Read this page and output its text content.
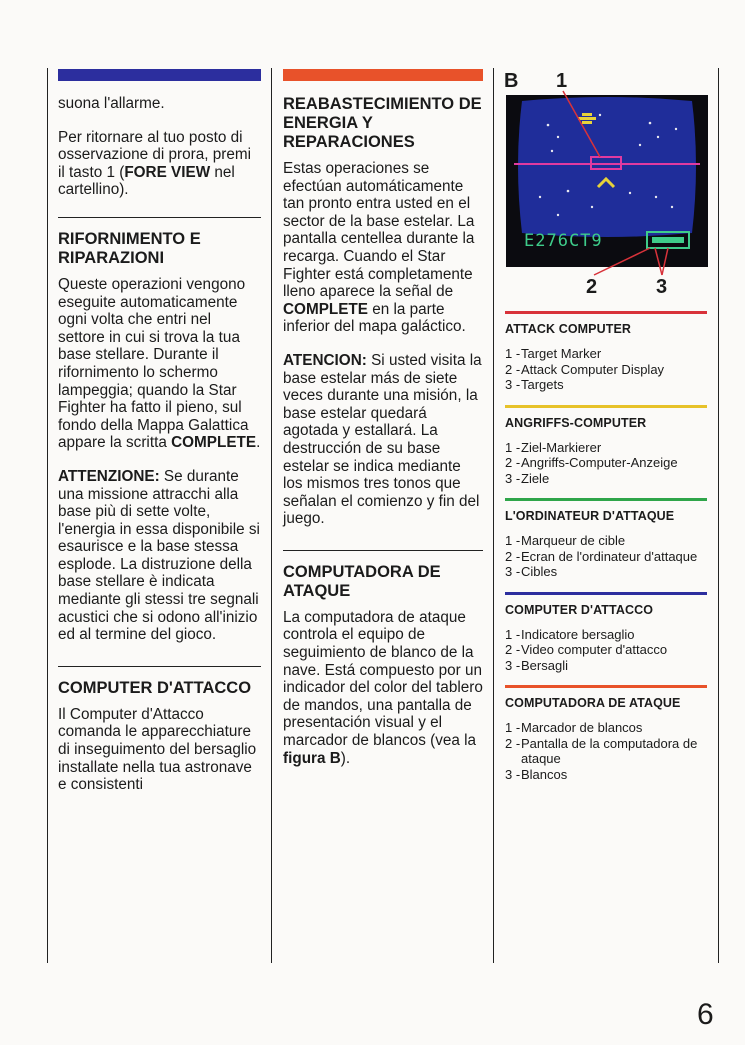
suona l'allarme.

Per ritornare al tuo posto di osservazione di prora, premi il tasto 1 (FORE VIEW nel cartellino).

RIFORNIMENTO E RIPARAZIONI

Queste operazioni vengono eseguite automaticamente ogni volta che entri nel settore in cui si trova la tua base stellare. Durante il rifornimento lo schermo lampeggia; quando la Star Fighter ha fatto il pieno, sul fondo della Mappa Galattica appare la scritta COMPLETE.

ATTENZIONE: Se durante una missione attracchi alla base più di sette volte, l'energia in essa disponibile si esaurisce e la base stessa esplode. La distruzione della base stellare è indicata mediante gli stessi tre segnali acustici che si odono all'inizio ed al termine del gioco.

COMPUTER D'ATTACCO

Il Computer d'Attacco comanda le apparecchiature di inseguimento del bersaglio installate nella tua astronave e consistenti

REABASTECIMIENTO DE ENERGIA Y REPARACIONES

Estas operaciones se efectúan automáticamente tan pronto entra usted en el sector de la base estelar. La pantalla centellea durante la recarga. Cuando el Star Fighter está completamente lleno aparece la señal de COMPLETE en la parte inferior del mapa galáctico.

ATENCION: Si usted visita la base estelar más de siete veces durante una misión, la base estelar quedará agotada y estallará. La destrucción de su base estelar se indica mediante los mismos tres tonos que señalan el comienzo y fin del juego.

COMPUTADORA DE ATAQUE

La computadora de ataque controla el equipo de seguimiento de blanco de la nave. Está compuesto por un indicador del color del tablero de mandos, una pantalla de presentación visual y el marcador de blancos (vea la figura B).

B 1
E276CT9
2	3
ATTACK COMPUTER
1 - Target Marker
2 - Attack Computer Display
3 - Targets
ANGRIFFS-COMPUTER
1 - Ziel-Markierer
2 - Angriffs-Computer-Anzeige
3 - Ziele
L'ORDINATEUR D'ATTAQUE
1 - Marqueur de cible
2 - Ecran de l'ordinateur d'attaque
3 - Cibles
COMPUTER D'ATTACCO
1 - Indicatore bersaglio
2 - Video computer d'attacco
3 - Bersagli
COMPUTADORA DE ATAQUE
1 - Marcador de blancos
2 - Pantalla de la computadora de ataque
3 - Blancos
6
